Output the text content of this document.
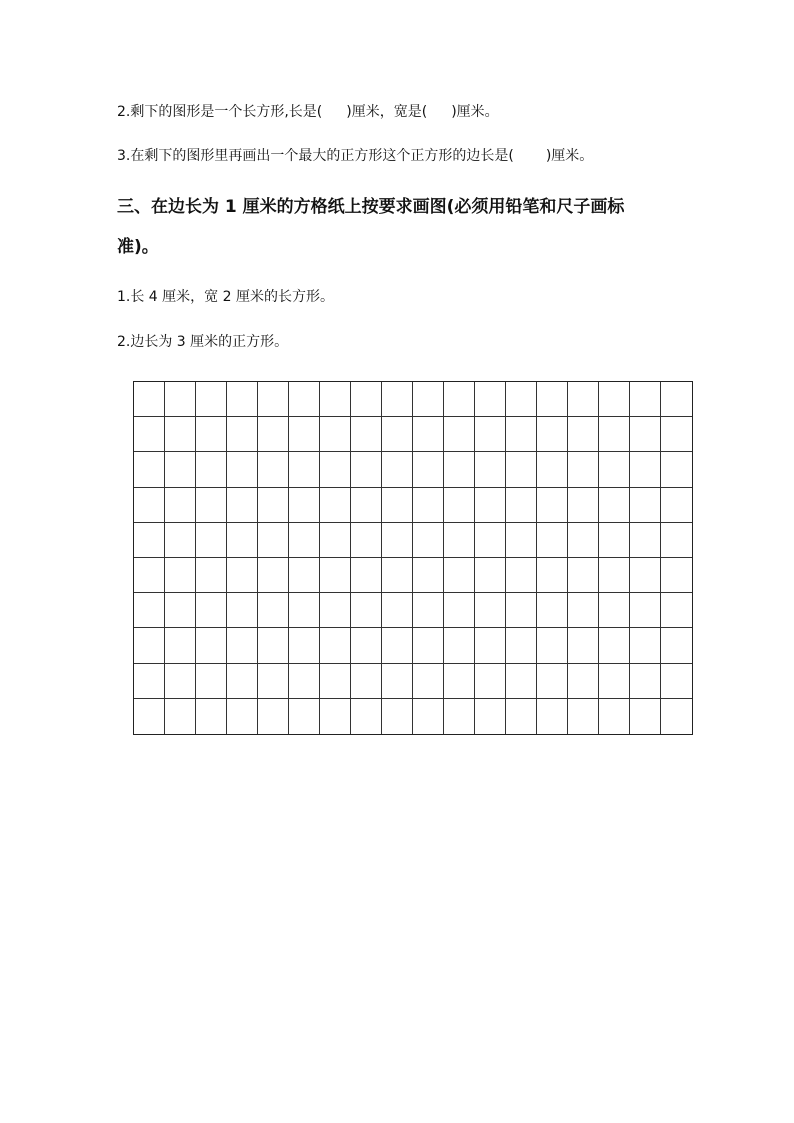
2.剩下的图形是一个长方形,长是( )厘米，宽是( )厘米。
3.在剩下的图形里再画出一个最大的正方形这个正方形的边长是( )厘米。
三、在边长为 1 厘米的方格纸上按要求画图(必须用铅笔和尺子画标
准)。
1.长 4 厘米，宽 2 厘米的长方形。
2.边长为 3 厘米的正方形。
